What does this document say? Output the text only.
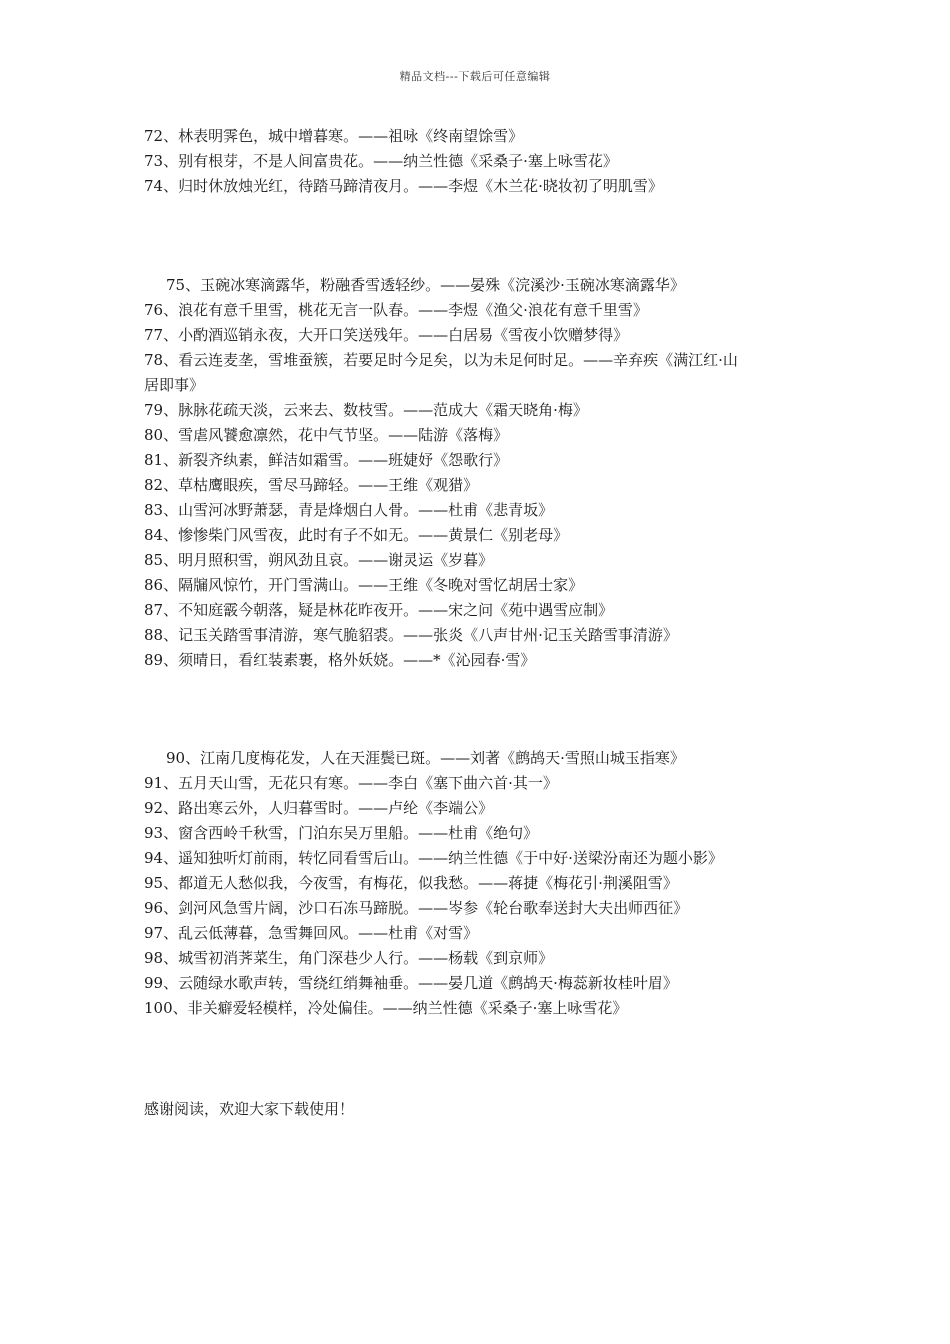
精品文档---下载后可任意编辑
72、林表明霁色，城中增暮寒。——祖咏《终南望馀雪》
73、别有根芽，不是人间富贵花。——纳兰性德《采桑子·塞上咏雪花》
74、归时休放烛光红，待踏马蹄清夜月。——李煜《木兰花·晓妆初了明肌雪》
75、玉碗冰寒滴露华，粉融香雪透轻纱。——晏殊《浣溪沙·玉碗冰寒滴露华》
76、浪花有意千里雪，桃花无言一队春。——李煜《渔父·浪花有意千里雪》
77、小酌酒巡销永夜，大开口笑送残年。——白居易《雪夜小饮赠梦得》
78、看云连麦垄，雪堆蚕簇，若要足时今足矣，以为未足何时足。——辛弃疾《满江红·山
居即事》
79、脉脉花疏天淡，云来去、数枝雪。——范成大《霜天晓角·梅》
80、雪虐风饕愈凛然，花中气节坚。——陆游《落梅》
81、新裂齐纨素，鲜洁如霜雪。——班婕妤《怨歌行》
82、草枯鹰眼疾，雪尽马蹄轻。——王维《观猎》
83、山雪河冰野萧瑟，青是烽烟白人骨。——杜甫《悲青坂》
84、惨惨柴门风雪夜，此时有子不如无。——黄景仁《别老母》
85、明月照积雪，朔风劲且哀。——谢灵运《岁暮》
86、隔牖风惊竹，开门雪满山。——王维《冬晚对雪忆胡居士家》
87、不知庭霰今朝落，疑是林花昨夜开。——宋之问《苑中遇雪应制》
88、记玉关踏雪事清游，寒气脆貂裘。——张炎《八声甘州·记玉关踏雪事清游》
89、须晴日，看红装素裹，格外妖娆。——*《沁园春·雪》
90、江南几度梅花发，人在天涯鬓已斑。——刘著《鹧鸪天·雪照山城玉指寒》
91、五月天山雪，无花只有寒。——李白《塞下曲六首·其一》
92、路出寒云外，人归暮雪时。——卢纶《李端公》
93、窗含西岭千秋雪，门泊东吴万里船。——杜甫《绝句》
94、遥知独听灯前雨，转忆同看雪后山。——纳兰性德《于中好·送梁汾南还为题小影》
95、都道无人愁似我，今夜雪，有梅花，似我愁。——蒋捷《梅花引·荆溪阻雪》
96、剑河风急雪片阔，沙口石冻马蹄脱。——岑参《轮台歌奉送封大夫出师西征》
97、乱云低薄暮，急雪舞回风。——杜甫《对雪》
98、城雪初消荠菜生，角门深巷少人行。——杨载《到京师》
99、云随绿水歌声转，雪绕红绡舞袖垂。——晏几道《鹧鸪天·梅蕊新妆桂叶眉》
100、非关癖爱轻模样，冷处偏佳。——纳兰性德《采桑子·塞上咏雪花》
感谢阅读，欢迎大家下载使用！
